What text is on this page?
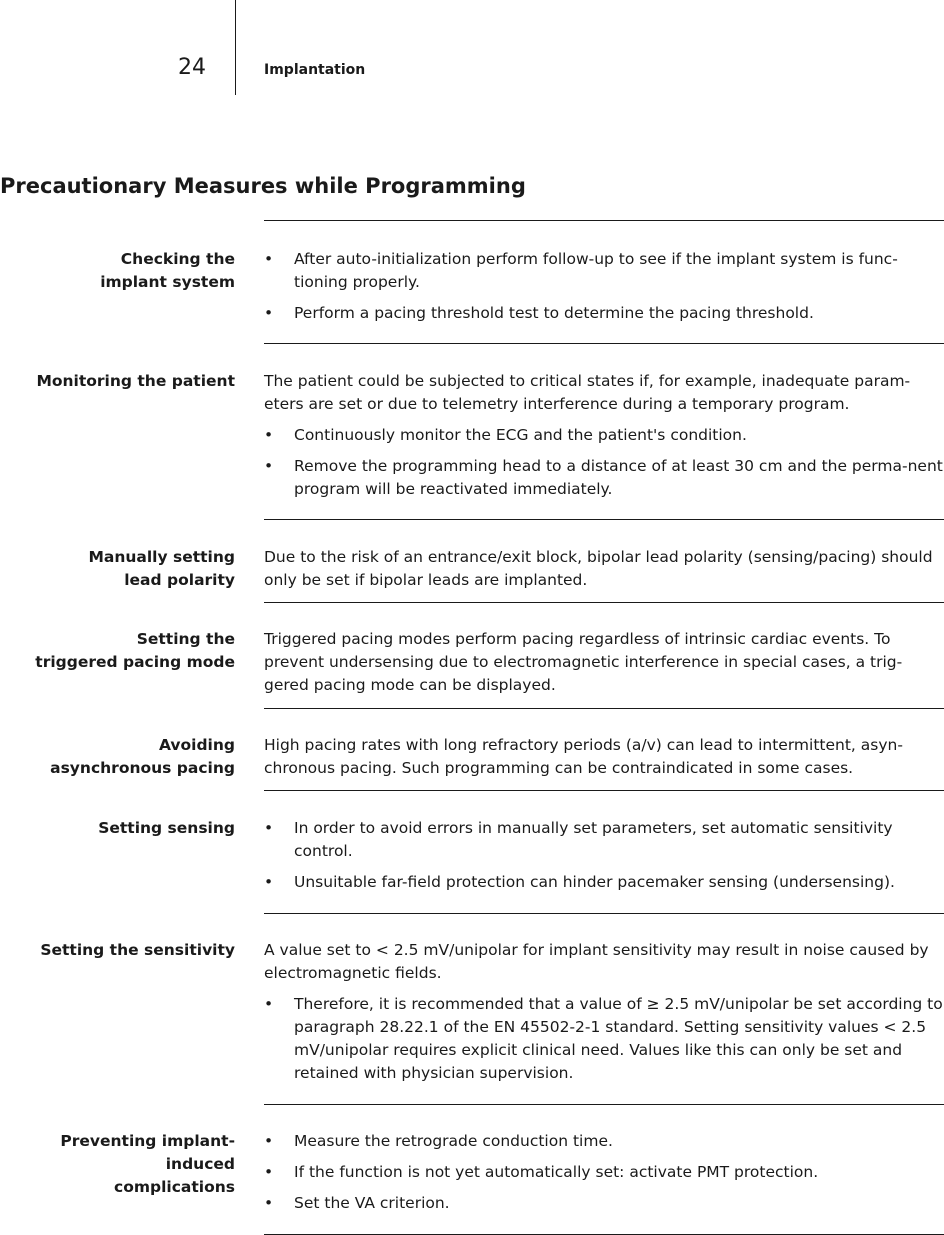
24	Implantation
Precautionary Measures while Programming
Checking the
implant system
• After auto-initialization perform follow-up to see if the implant system is func-tioning properly.
• Perform a pacing threshold test to determine the pacing threshold.
Monitoring the patient The patient could be subjected to critical states if, for example, inadequate param-eters are set or due to telemetry interference during a temporary program.

• Continuously monitor the ECG and the patient's condition.
• Remove the programming head to a distance of at least 30 cm and the perma-nent program will be reactivated immediately.
Manually setting
lead polarity

Due to the risk of an entrance/exit block, bipolar lead polarity (sensing/pacing) should only be set if bipolar leads are implanted.

Setting the
triggered pacing mode

Triggered pacing modes perform pacing regardless of intrinsic cardiac events. To prevent undersensing due to electromagnetic interference in special cases, a trig-gered pacing mode can be displayed.

Avoiding
asynchronous pacing

High pacing rates with long refractory periods (a/v) can lead to intermittent, asyn-chronous pacing. Such programming can be contraindicated in some cases.

Setting sensing • In order to avoid errors in manually set parameters, set automatic sensitivity control.
• Unsuitable far-field protection can hinder pacemaker sensing (undersensing).
Setting the sensitivity A value set to < 2.5 mV/unipolar for implant sensitivity may result in noise caused by electromagnetic fields.

• Therefore, it is recommended that a value of ≥ 2.5 mV/unipolar be set according to paragraph 28.22.1 of the EN 45502-2-1 standard. Setting sensitivity values < 2.5 mV/unipolar requires explicit clinical need. Values like this can only be set and retained with physician supervision.
Preventing implant-induced
complications
• Measure the retrograde conduction time.
• If the function is not yet automatically set: activate PMT protection.
• Set the VA criterion.
